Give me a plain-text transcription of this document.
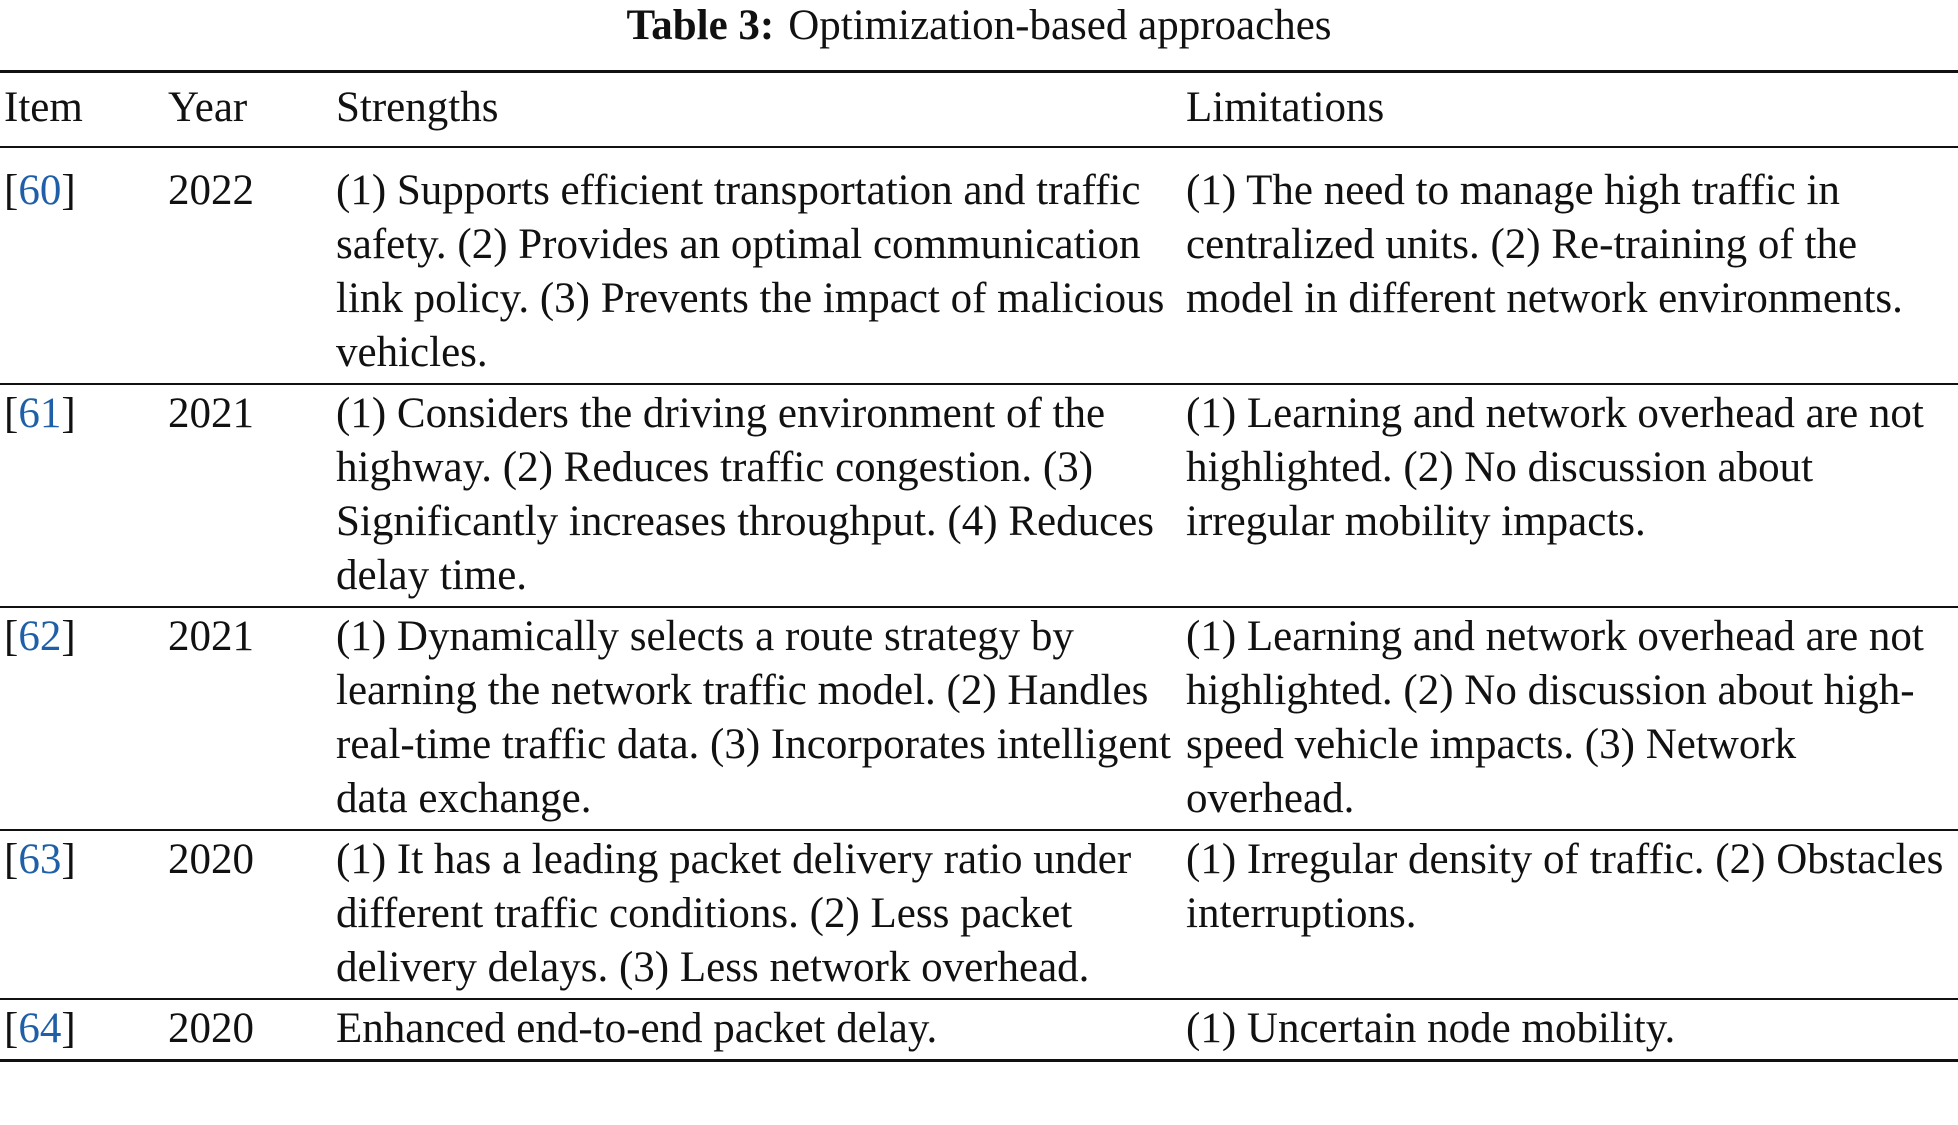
Table 3: Optimization-based approaches
Item	Year	Strengths	Limitations
[60]	2022	(1) Supports efficient transportation and traffic safety. (2) Provides an optimal communication link policy. (3) Prevents the impact of malicious vehicles.	(1) The need to manage high traffic in centralized units. (2) Re-training of the model in different network environments.
[61]	2021	(1) Considers the driving environment of the highway. (2) Reduces traffic congestion. (3) Significantly increases throughput. (4) Reduces delay time.	(1) Learning and network overhead are not highlighted. (2) No discussion about irregular mobility impacts.
[62]	2021	(1) Dynamically selects a route strategy by learning the network traffic model. (2) Handles real-time traffic data. (3) Incorporates intelligent data exchange.	(1) Learning and network overhead are not highlighted. (2) No discussion about high-speed vehicle impacts. (3) Network overhead.
[63]	2020	(1) It has a leading packet delivery ratio under different traffic conditions. (2) Less packet delivery delays. (3) Less network overhead.	(1) Irregular density of traffic. (2) Obstacles interruptions.
[64]	2020	Enhanced end-to-end packet delay.	(1) Uncertain node mobility.
